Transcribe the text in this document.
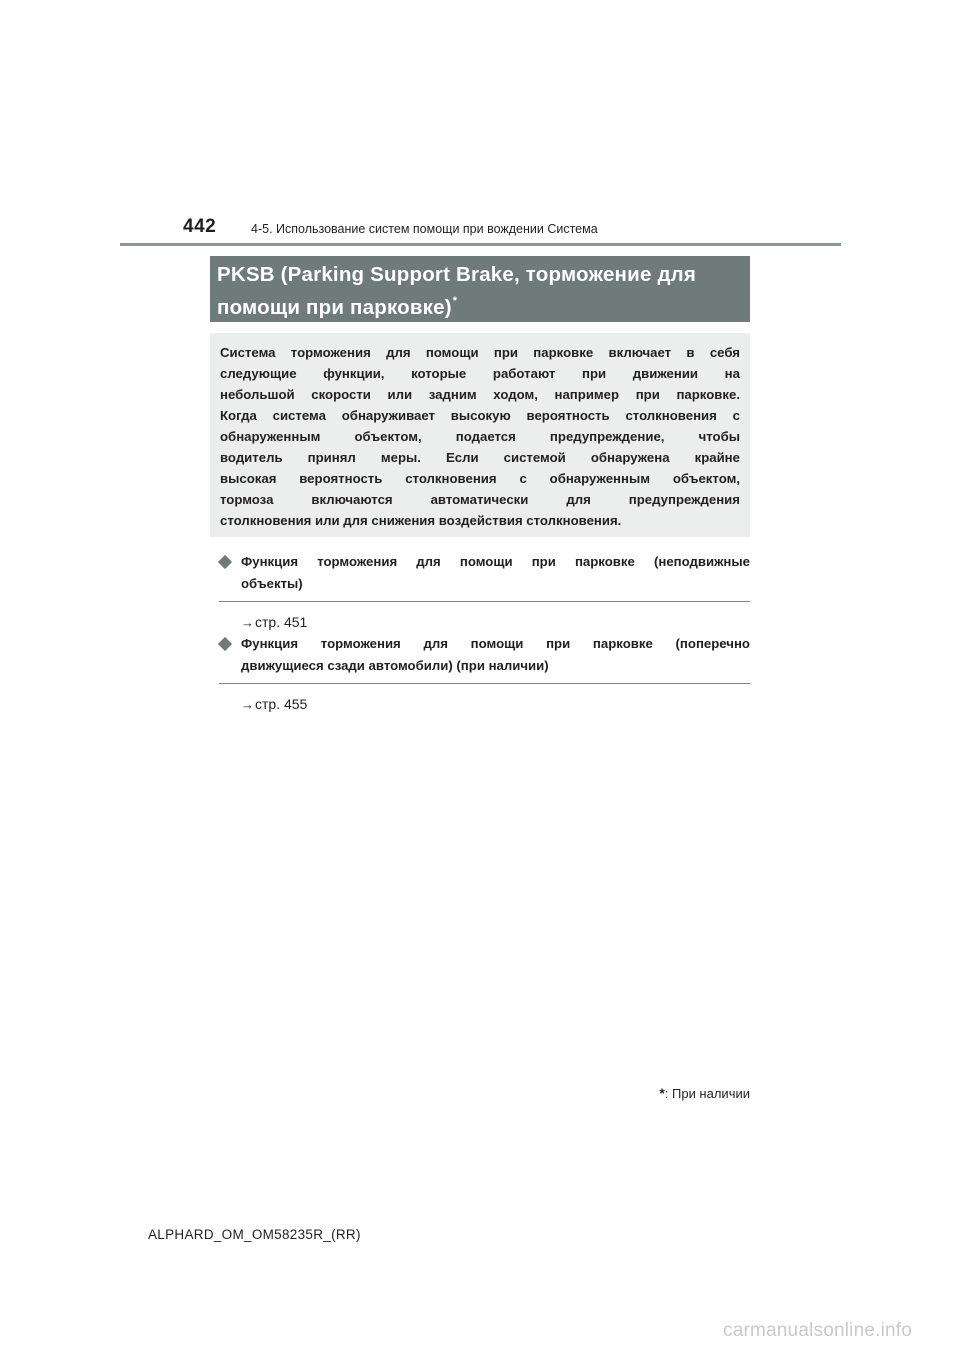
442	4-5. Использование систем помощи при вождении Система
PKSB (Parking Support Brake, торможение для
помощи при парковке)*

Система торможения для помощи при парковке включает в себя
следующие функции, которые работают при движении на
небольшой скорости или задним ходом, например при парковке.
Когда система обнаруживает высокую вероятность столкновения с
обнаруженным объектом, подается предупреждение, чтобы
водитель принял меры. Если системой обнаружена крайне
высокая вероятность столкновения с обнаруженным объектом,
тормоза включаются автоматически для предупреждения
столкновения или для снижения воздействия столкновения.

Функция торможения для помощи при парковке (неподвижные
объекты)
→стр. 451
Функция торможения для помощи при парковке (поперечно
движущиеся сзади автомобили) (при наличии)
→стр. 455
*: При наличии
ALPHARD_OM_OM58235R_(RR)
carmanualsonline.info
